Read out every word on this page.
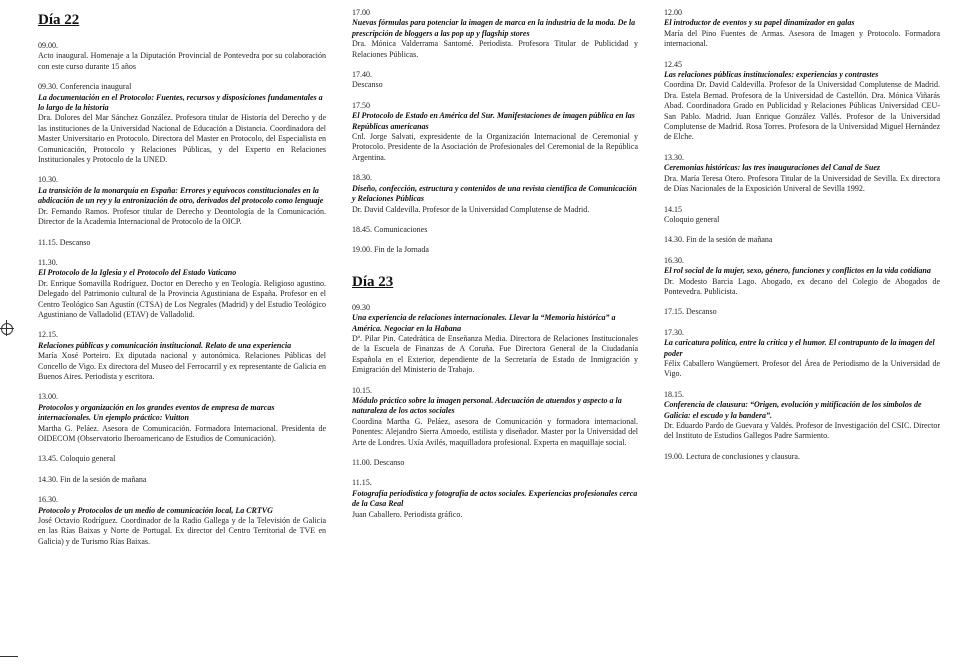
Día 22
09.00.
Acto inaugural. Homenaje a la Diputación Provincial de Pontevedra por su colaboración con este curso durante 15 años
09.30. Conferencia inaugural
La documentación en el Protocolo: Fuentes, recursos y disposiciones fundamentales a lo largo de la historia
Dra. Dolores del Mar Sánchez González. Profesora titular de Historia del Derecho y de las instituciones de la Universidad Nacional de Educación a Distancia. Coordinadora del Master Universitario en Protocolo. Directora del Master en Protocolo, del Especialista en Comunicación, Protocolo y Relaciones Públicas, y del Experto en Relaciones Institucionales y Protocolo de la UNED.
10.30.
La transición de la monarquía en España: Errores y equívocos constitucionales en la abdicación de un rey y la entronización de otro, derivados del protocolo como lenguaje
Dr. Fernando Ramos. Profesor titular de Derecho y Deontología de la Comunicación. Director de la Academia Internacional de Protocolo de la OICP.
11.15. Descanso
11.30.
El Protocolo de la Iglesia y el Protocolo del Estado Vaticano
Dr. Enrique Somavilla Rodríguez. Doctor en Derecho y en Teología. Religioso agustino. Delegado del Patrimonio cultural de la Provincia Agustiniana de España. Profesor en el Centro Teológico San Agustín (CTSA) de Los Negrales (Madrid) y del Estudio Teológico Agustiniano de Valladolid (ETAV) de Valladolid.
12.15.
Relaciones públicas y comunicación institucional. Relato de una experiencia
María Xosé Porteiro. Ex diputada nacional y autonómica. Relaciones Públicas del Concello de Vigo. Ex directora del Museo del Ferrocarril y ex representante de Galicia en Buenos Aires. Periodista y escritora.
13.00.
Protocolos y organización en los grandes eventos de empresa de marcas internacionales. Un ejemplo práctico: Vuitton
Martha G. Peláez. Asesora de Comunicación. Formadora Internacional. Presidenta de OIDECOM (Observatorio Iberoamericano de Estudios de Comunicación).
13.45. Coloquio general
14.30. Fin de la sesión de mañana
16.30.
Protocolo y Protocolos de un medio de comunicación local, La CRTVG
José Octavio Rodríguez. Coordinador de la Radio Gallega y de la Televisión de Galicia en las Rías Baixas y Norte de Portugal. Ex director del Centro Territorial de TVE en Galicia) y de Turismo Rías Baixas.
17.00
Nuevas fórmulas para potenciar la imagen de marca en la industria de la moda. De la prescripción de bloggers a las pop up y flagship stores
Dra. Mónica Valderrama Santomé. Periodista. Profesora Titular de Publicidad y Relaciones Públicas.
17.40.
Descanso
17.50
El Protocolo de Estado en América del Sur. Manifestaciones de imagen pública en las Repúblicas americanas
Cnl. Jorge Salvati, expresidente de la Organización Internacional de Ceremonial y Protocolo. Presidente de la Asociación de Profesionales del Ceremonial de la República Argentina.
18.30.
Diseño, confección, estructura y contenidos de una revista científica de Comunicación y Relaciones Públicas
Dr. David Caldevilla. Profesor de la Universidad Complutense de Madrid.
18.45. Comunicaciones
19.00. Fin de la Jornada
Día 23
09.30
Una experiencia de relaciones internacionales. Llevar la “Memoria histórica” a América. Negociar en la Habana
Dª. Pilar Pin. Catedrática de Enseñanza Media. Directora de Relaciones Institucionales de la Escuela de Finanzas de A Coruña. Fue Directora General de la Ciudadanía Española en el Exterior, dependiente de la Secretaría de Estado de Inmigración y Emigración del Ministerio de Trabajo.
10.15.
Módulo práctico sobre la imagen personal. Adecuación de atuendos y aspecto a la naturaleza de los actos sociales
Coordina Martha G. Peláez, asesora de Comunicación y formadora internacional. Ponentes: Alejandro Sierra Amoedo, estilista y diseñador. Master por la Universidad del Arte de Londres. Uxía Avilés, maquilladora profesional. Experta en maquillaje social.
11.00. Descanso
11.15.
Fotografía periodística y fotografía de actos sociales. Experiencias profesionales cerca de la Casa Real
Juan Caballero. Periodista gráfico.
12.00
El introductor de eventos y su papel dinamizador en galas
María del Pino Fuentes de Armas. Asesora de Imagen y Protocolo. Formadora internacional.
12.45
Las relaciones públicas institucionales: experiencias y contrastes
Coordina Dr. David Caldevilla. Profesor de la Universidad Complutense de Madrid. Dra. Estela Bernad. Profesora de la Universidad de Castellón. Dra. Mónica Viñarás Abad. Coordinadora Grado en Publicidad y Relaciones Públicas Universidad CEU-San Pablo. Madrid. Juan Enrique González Vallés. Profesor de la Universidad Complutense de Madrid. Rosa Torres. Profesora de la Universidad Miguel Hernández de Elche.
13.30.
Ceremonias históricas: las tres inauguraciones del Canal de Suez
Dra. María Teresa Otero. Profesora Titular de la Universidad de Sevilla. Ex directora de Días Nacionales de la Exposición Univeral de Sevilla 1992.
14.15
Coloquio general
14.30. Fin de la sesión de mañana
16.30.
El rol social de la mujer, sexo, género, funciones y conflictos en la vida cotidiana
Dr. Modesto Barcia Lago. Abogado, ex decano del Colegio de Abogados de Pontevedra. Publicista.
17.15. Descanso
17.30.
La caricatura política, entre la crítica y el humor. El contrapunto de la imagen del poder
Félix Caballero Wangüemert. Profesor del Área de Periodismo de la Universidad de Vigo.
18.15.
Conferencia de clausura: “Origen, evolución y mitificación de los símbolos de Galicia: el escudo y la bandera”.
Dr. Eduardo Pardo de Guevara y Valdés. Profesor de Investigación del CSIC. Director del Instituto de Estudios Gallegos Padre Sarmiento.
19.00. Lectura de conclusiones y clausura.
